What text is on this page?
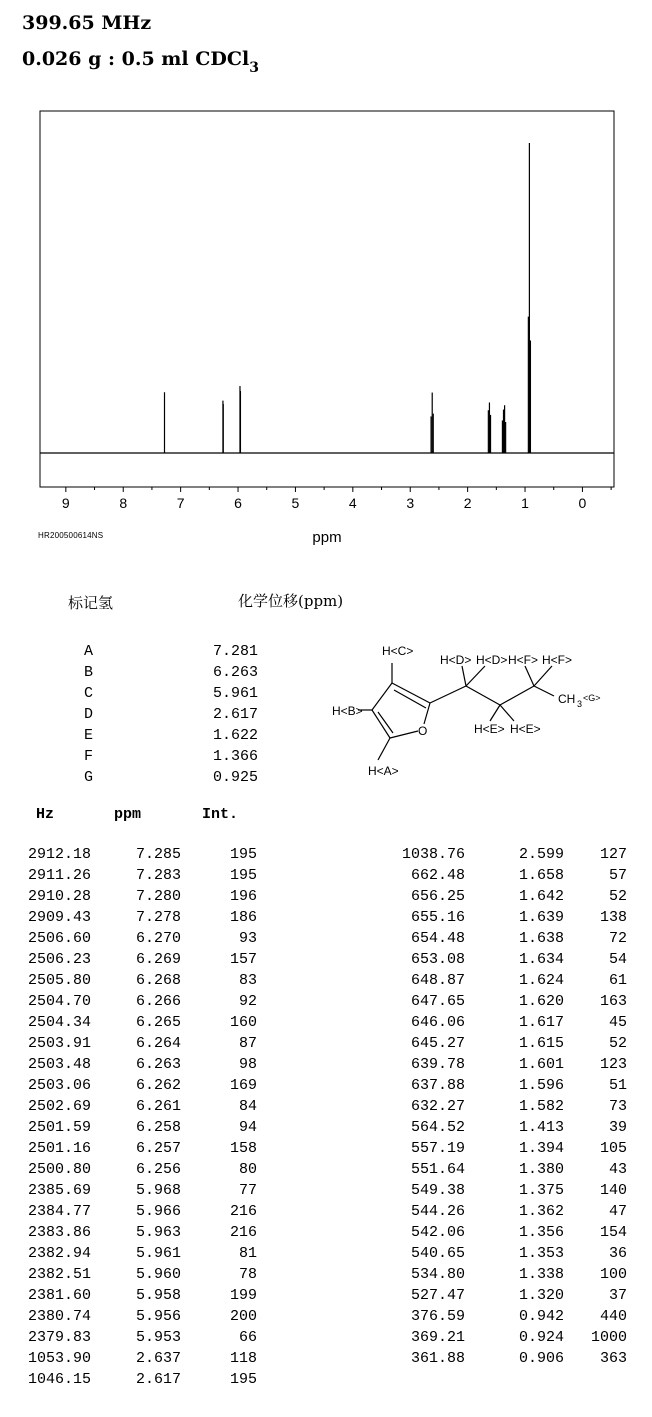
399.65 MHz
0.026 g : 0.5 ml CDCl$_3$
9	8	7	6	5	4	3	2	1	0
ppm
HR200500614NS
标记氢	化学位移(ppm)
A	7.281
B	6.263
C	5.961
D	2.617
E	1.622
F	1.366
G	0.925
H<C>
H<B>
O
H<A>
H<D> H<D> H<F> H<F>
H<E> H<E>
CH 3
<G>
Hz	ppm	Int.
2912.18	7.285	195
2911.26	7.283	195
2910.28	7.280	196
2909.43	7.278	186
2506.60	6.270	93
2506.23	6.269	157
2505.80	6.268	83
2504.70	6.266	92
2504.34	6.265	160
2503.91	6.264	87
2503.48	6.263	98
2503.06	6.262	169
2502.69	6.261	84
2501.59	6.258	94
2501.16	6.257	158
2500.80	6.256	80
2385.69	5.968	77
2384.77	5.966	216
2383.86	5.963	216
2382.94	5.961	81
2382.51	5.960	78
2381.60	5.958	199
2380.74	5.956	200
2379.83	5.953	66
1053.90	2.637	118
1046.15	2.617	195
1038.76	2.599 127
662.48	1.658	57
656.25	1.642	52
655.16	1.639 138
654.48	1.638	72
653.08	1.634	54
648.87	1.624	61
647.65	1.620 163
646.06	1.617	45
645.27	1.615	52
639.78	1.601 123
637.88	1.596	51
632.27	1.582	73
564.52	1.413	39
557.19	1.394 105
551.64	1.380	43
549.38	1.375 140
544.26	1.362	47
542.06	1.356 154
540.65	1.353	36
534.80	1.338 100
527.47	1.320	37
376.59	0.942 440
369.21	0.924 1000
361.88	0.906 363
